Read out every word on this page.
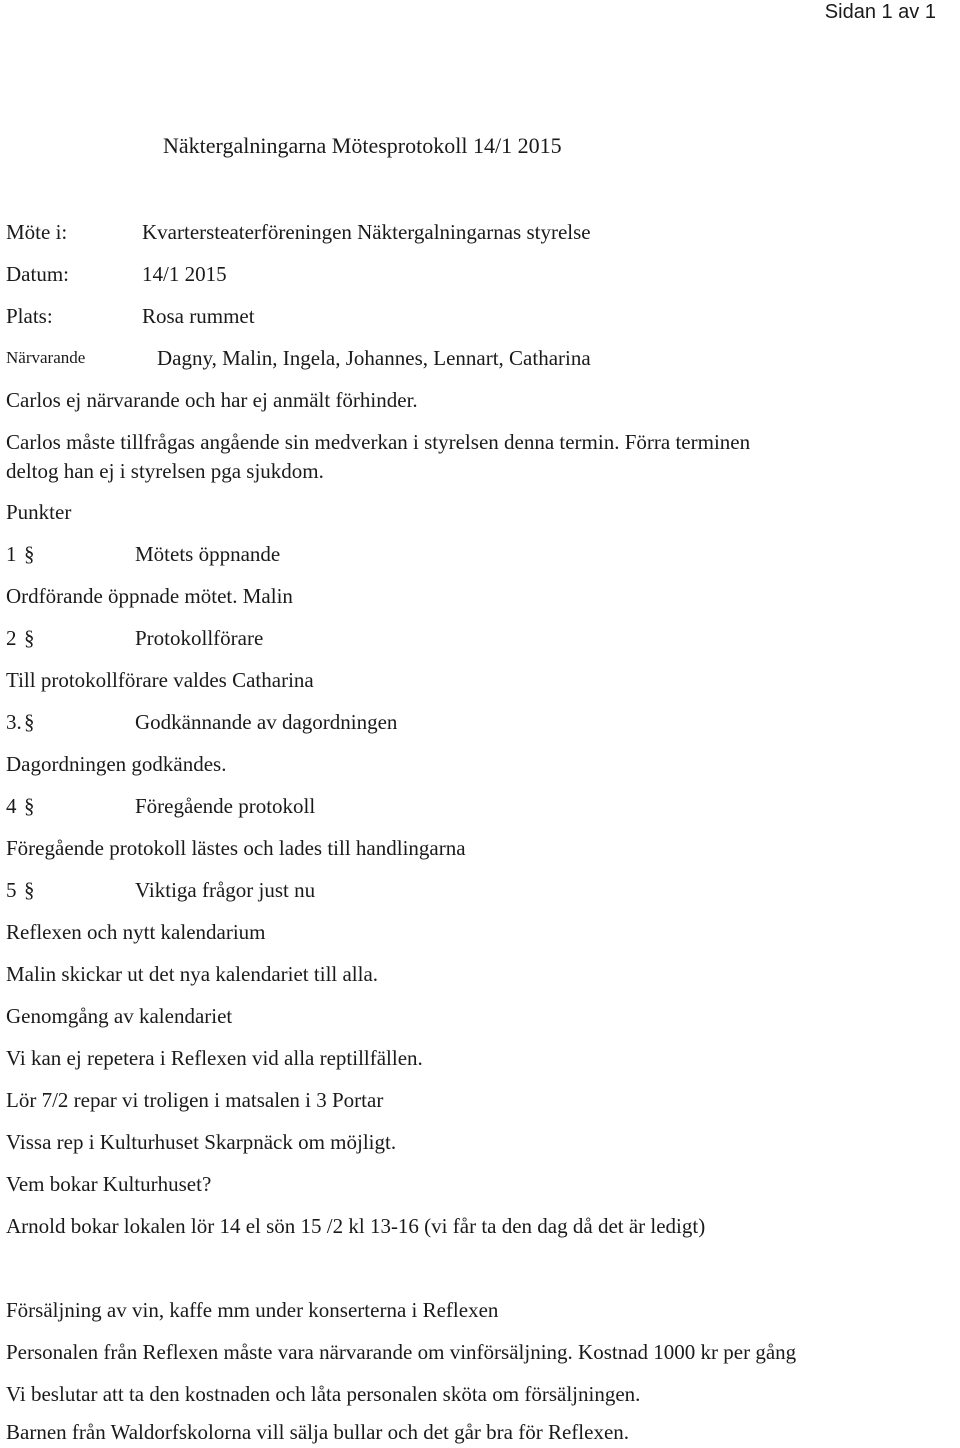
Sidan 1 av 1
Näktergalningarna Mötesprotokoll 14/1 2015
Möte i:	Kvartersteaterföreningen Näktergalningarnas styrelse
Datum:	14/1 2015
Plats:	Rosa rummet
Närvarande	Dagny, Malin, Ingela, Johannes, Lennart, Catharina
Carlos ej närvarande och har ej anmält förhinder.
Carlos måste tillfrågas angående sin medverkan i styrelsen denna termin. Förra terminen
deltog han ej i styrelsen pga sjukdom.
Punkter
1 §	Mötets öppnande
Ordförande öppnade mötet. Malin
2 §	Protokollförare
Till protokollförare valdes Catharina
3. §	Godkännande av dagordningen
Dagordningen godkändes.
4 §	Föregående protokoll
Föregående protokoll lästes och lades till handlingarna
5 §	Viktiga frågor just nu
Reflexen och nytt kalendarium
Malin skickar ut det nya kalendariet till alla.
Genomgång av kalendariet
Vi kan ej repetera i Reflexen vid alla reptillfällen.
Lör 7/2 repar vi troligen i matsalen i 3 Portar
Vissa rep i Kulturhuset Skarpnäck om möjligt.
Vem bokar Kulturhuset?
Arnold bokar lokalen lör 14 el sön 15 /2 kl 13-16 (vi får ta den dag då det är ledigt)
Försäljning av vin, kaffe mm under konserterna i Reflexen
Personalen från Reflexen måste vara närvarande om vinförsäljning. Kostnad 1000 kr per gång
Vi beslutar att ta den kostnaden och låta personalen sköta om försäljningen.
Barnen från Waldorfskolorna vill sälja bullar och det går bra för Reflexen.
